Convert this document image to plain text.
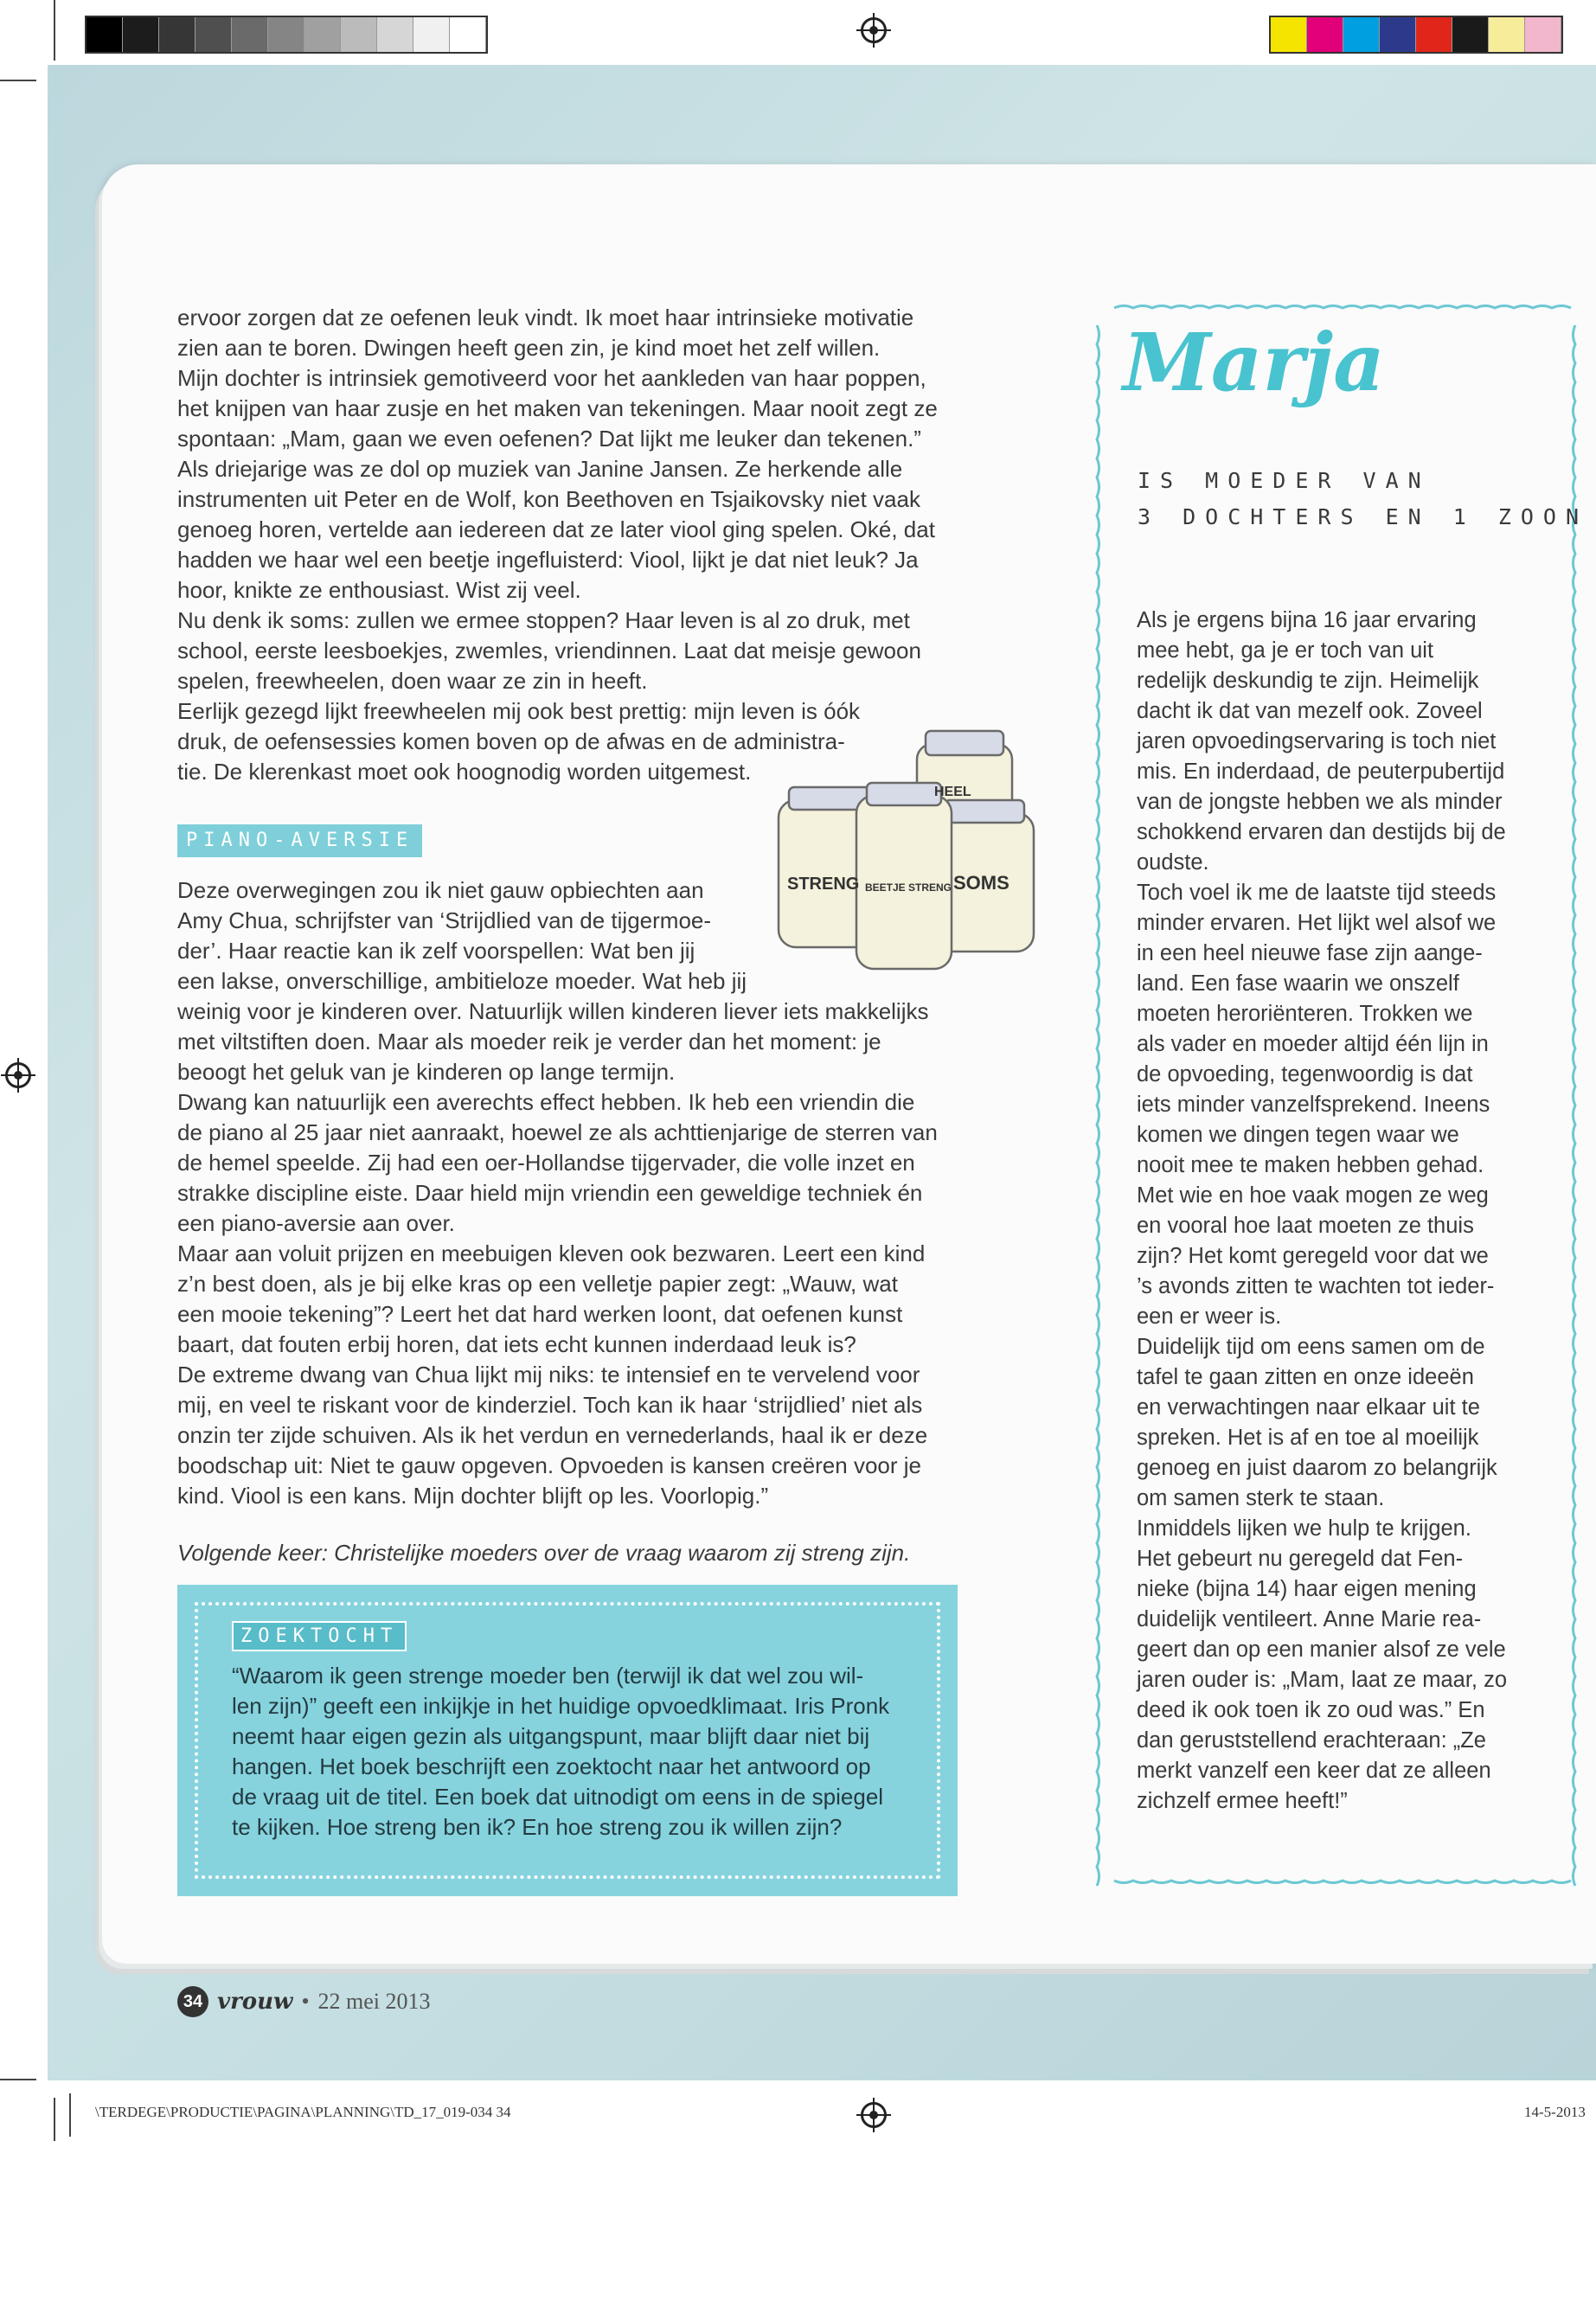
ervoor zorgen dat ze oefenen leuk vindt. Ik moet haar intrinsieke motivatie
zien aan te boren. Dwingen heeft geen zin, je kind moet het zelf willen.
Mijn dochter is intrinsiek gemotiveerd voor het aankleden van haar poppen,
het knijpen van haar zusje en het maken van tekeningen. Maar nooit zegt ze
spontaan: „Mam, gaan we even oefenen? Dat lijkt me leuker dan tekenen.”
Als driejarige was ze dol op muziek van Janine Jansen. Ze herkende alle
instrumenten uit Peter en de Wolf, kon Beethoven en Tsjaikovsky niet vaak
genoeg horen, vertelde aan iedereen dat ze later viool ging spelen. Oké, dat
hadden we haar wel een beetje ingefluisterd: Viool, lijkt je dat niet leuk? Ja
hoor, knikte ze enthousiast. Wist zij veel.
Nu denk ik soms: zullen we ermee stoppen? Haar leven is al zo druk, met
school, eerste leesboekjes, zwemles, vriendinnen. Laat dat meisje gewoon
spelen, freewheelen, doen waar ze zin in heeft.
Eerlijk gezegd lijkt freewheelen mij ook best prettig: mijn leven is óók
druk, de oefensessies komen boven op de afwas en de administra-
tie. De klerenkast moet ook hoognodig worden uitgemest.
PIANO-AVERSIE
Deze overwegingen zou ik niet gauw opbiechten aan
Amy Chua, schrijfster van ‘Strijdlied van de tijgermoe-
der’. Haar reactie kan ik zelf voorspellen: Wat ben jij
een lakse, onverschillige, ambitieloze moeder. Wat heb jij
weinig voor je kinderen over. Natuurlijk willen kinderen liever iets makkelijks
met viltstiften doen. Maar als moeder reik je verder dan het moment: je
beoogt het geluk van je kinderen op lange termijn.
Dwang kan natuurlijk een averechts effect hebben. Ik heb een vriendin die
de piano al 25 jaar niet aanraakt, hoewel ze als achttienjarige de sterren van
de hemel speelde. Zij had een oer-Hollandse tijgervader, die volle inzet en
strakke discipline eiste. Daar hield mijn vriendin een geweldige techniek én
een piano-aversie aan over.
Maar aan voluit prijzen en meebuigen kleven ook bezwaren. Leert een kind
z’n best doen, als je bij elke kras op een velletje papier zegt: „Wauw, wat
een mooie tekening”? Leert het dat hard werken loont, dat oefenen kunst
baart, dat fouten erbij horen, dat iets echt kunnen inderdaad leuk is?
De extreme dwang van Chua lijkt mij niks: te intensief en te vervelend voor
mij, en veel te riskant voor de kinderziel. Toch kan ik haar ‘strijdlied’ niet als
onzin ter zijde schuiven. Als ik het verdun en vernederlands, haal ik er deze
boodschap uit: Niet te gauw opgeven. Opvoeden is kansen creëren voor je
kind. Viool is een kans. Mijn dochter blijft op les. Voorlopig.”
STRENG BEETJE STRENG SOMS
HEEL
Volgende keer: Christelijke moeders over de vraag waarom zij streng zijn.
ZOEKTOCHT
“Waarom ik geen strenge moeder ben (terwijl ik dat wel zou wil-
len zijn)” geeft een inkijkje in het huidige opvoedklimaat. Iris Pronk
neemt haar eigen gezin als uitgangspunt, maar blijft daar niet bij
hangen. Het boek beschrijft een zoektocht naar het antwoord op
de vraag uit de titel. Een boek dat uitnodigt om eens in de spiegel
te kijken. Hoe streng ben ik? En hoe streng zou ik willen zijn?
Marja
IS MOEDER VAN
3 DOCHTERS EN 1 ZOON
Als je ergens bijna 16 jaar ervaring
mee hebt, ga je er toch van uit
redelijk deskundig te zijn. Heimelijk
dacht ik dat van mezelf ook. Zoveel
jaren opvoedingservaring is toch niet
mis. En inderdaad, de peuterpubertijd
van de jongste hebben we als minder
schokkend ervaren dan destijds bij de
oudste.
Toch voel ik me de laatste tijd steeds
minder ervaren. Het lijkt wel alsof we
in een heel nieuwe fase zijn aange-
land. Een fase waarin we onszelf
moeten heroriënteren. Trokken we
als vader en moeder altijd één lijn in
de opvoeding, tegenwoordig is dat
iets minder vanzelfsprekend. Ineens
komen we dingen tegen waar we
nooit mee te maken hebben gehad.
Met wie en hoe vaak mogen ze weg
en vooral hoe laat moeten ze thuis
zijn? Het komt geregeld voor dat we
’s avonds zitten te wachten tot ieder-
een er weer is.
Duidelijk tijd om eens samen om de
tafel te gaan zitten en onze ideeën
en verwachtingen naar elkaar uit te
spreken. Het is af en toe al moeilijk
genoeg en juist daarom zo belangrijk
om samen sterk te staan.
Inmiddels lijken we hulp te krijgen.
Het gebeurt nu geregeld dat Fen-
nieke (bijna 14) haar eigen mening
duidelijk ventileert. Anne Marie rea-
geert dan op een manier alsof ze vele
jaren ouder is: „Mam, laat ze maar, zo
deed ik ook toen ik zo oud was.” En
dan geruststellend erachteraan: „Ze
merkt vanzelf een keer dat ze alleen
zichzelf ermee heeft!”
34 vrouw • 22 mei 2013
\TERDEGE\PRODUCTIE\PAGINA\PLANNING\TD_17_019-034 34	14-5-2013
